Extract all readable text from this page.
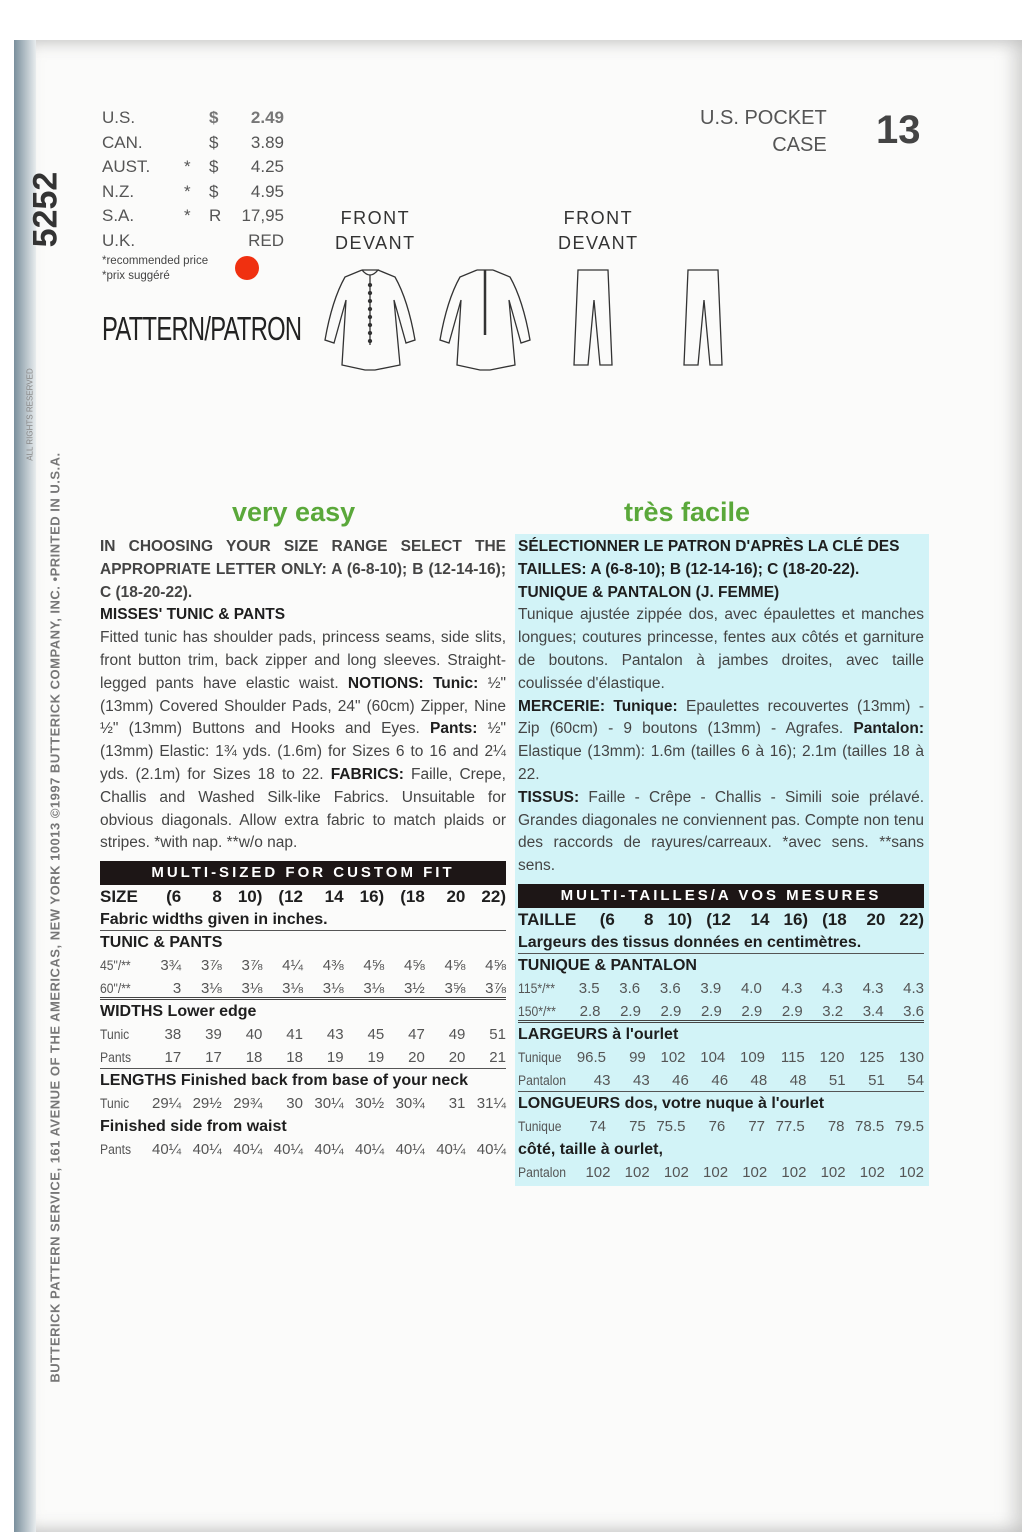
BUTTERICK PATTERN SERVICE, 161 AVENUE OF THE AMERICAS, NEW YORK 10013 ©1997 BUTTERICK COMPANY, INC. •PRINTED IN U.S.A.
ALL RIGHTS RESERVED
5252
U.S.	$	2.49
CAN.	$	3.89
AUST.	*	$	4.25
N.Z.	*	$	4.95
S.A.	*	R	17,95
U.K.	RED
*recommended price
*prix suggéré
PATTERN/PATRON
FRONT
DEVANT
FRONT
DEVANT
U.S. POCKET
CASE 13
very easy	très facile
IN CHOOSING YOUR SIZE RANGE SELECT THE APPROPRIATE LETTER ONLY: A (6-8-10); B (12-14-16); C (18-20-22).
MISSES' TUNIC & PANTS
Fitted tunic has shoulder pads, princess seams, side slits, front button trim, back zipper and long sleeves. Straight-legged pants have elastic waist. NOTIONS: Tunic: ½" (13mm) Covered Shoulder Pads, 24" (60cm) Zipper, Nine ½" (13mm) Buttons and Hooks and Eyes. Pants: ½" (13mm) Elastic: 1¾ yds. (1.6m) for Sizes 6 to 16 and 2¼ yds. (2.1m) for Sizes 18 to 22. FABRICS: Faille, Crepe, Challis and Washed Silk-like Fabrics. Unsuitable for obvious diagonals. Allow extra fabric to match plaids or stripes. *with nap. **w/o nap.
MULTI-SIZED FOR CUSTOM FIT
SIZE	(6	8 10) (12	14 16) (18	20 22)
Fabric widths given in inches.
TUNIC & PANTS
45"/**	3¾	3⅞	3⅞	4¼	4⅜	4⅝	4⅝	4⅝	4⅝
60"/**	3	3⅛	3⅛	3⅛	3⅛	3⅛	3½	3⅝	3⅞
WIDTHS Lower edge
Tunic	38	39	40	41	43	45	47	49	51
Pants	17	17	18	18	19	19	20	20	21
LENGTHS Finished back from base of your neck
Tunic	29¼ 29½ 29¾	30 30¼ 30½ 30¾	31 31¼
Finished side from waist
Pants	40¼ 40¼ 40¼ 40¼ 40¼ 40¼ 40¼ 40¼ 40¼
SÉLECTIONNER LE PATRON D'APRÈS LA CLÉ DES TAILLES: A (6-8-10); B (12-14-16); C (18-20-22).
TUNIQUE & PANTALON (J. FEMME)
Tunique ajustée zippée dos, avec épaulettes et manches longues; coutures princesse, fentes aux côtés et garniture de boutons. Pantalon à jambes droites, avec taille coulissée d'élastique.
MERCERIE: Tunique: Epaulettes recouvertes (13mm) - Zip (60cm) - 9 boutons (13mm) - Agrafes. Pantalon: Elastique (13mm): 1.6m (tailles 6 à 16); 2.1m (tailles 18 à 22.
TISSUS: Faille - Crêpe - Challis - Simili soie prélavé. Grandes diagonales ne conviennent pas. Compte non tenu des raccords de rayures/carreaux. *avec sens. **sans sens.
MULTI-TAILLES/A VOS MESURES
TAILLE	(6	8 10) (12	14 16) (18	20 22)
Largeurs des tissus données en centimètres.
TUNIQUE & PANTALON
115*/**	3.5	3.6	3.6	3.9	4.0	4.3	4.3	4.3	4.3
150*/**	2.8	2.9	2.9	2.9	2.9	2.9	3.2	3.4	3.6
LARGEURS à l'ourlet
Tunique	96.5	99 102 104 109	115 120 125 130
Pantalon	43	43	46	46	48	48	51	51	54
LONGUEURS dos, votre nuque à l'ourlet
Tunique	74	75 75.5	76	77 77.5	78 78.5 79.5
côté, taille à ourlet,
Pantalon	102 102 102 102 102 102 102 102 102
